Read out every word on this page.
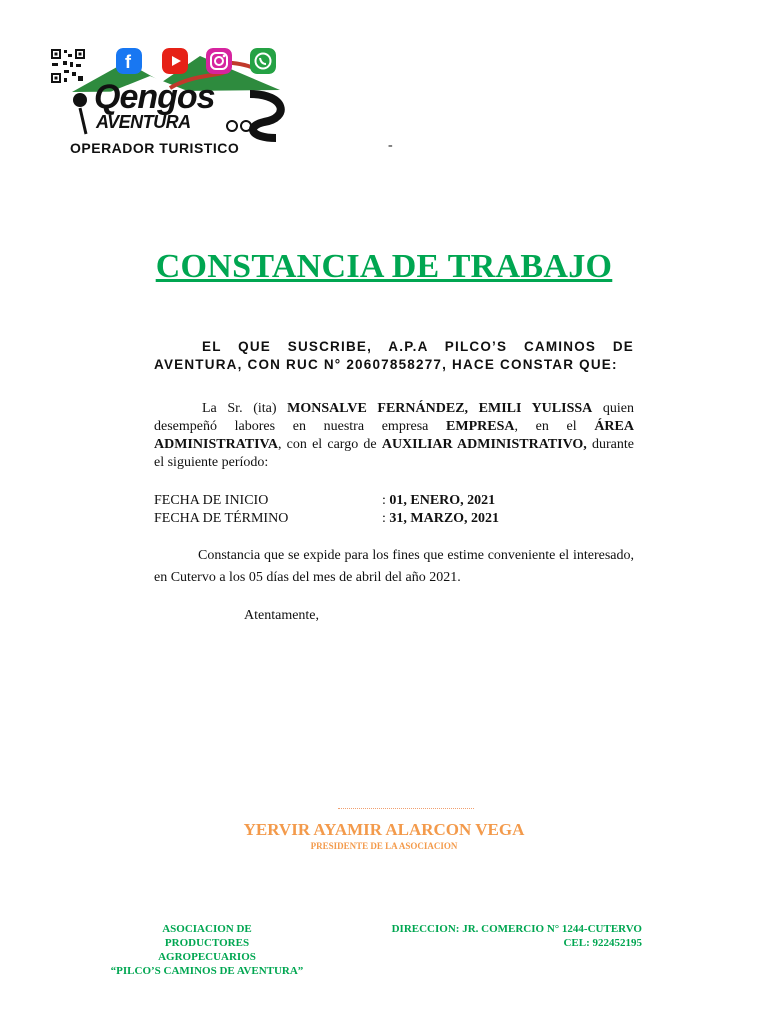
Qengos
AVENTURA
OPERADOR TURISTICO
f
-
CONSTANCIA DE TRABAJO
EL QUE SUSCRIBE, A.P.A PILCO’S CAMINOS DE AVENTURA, CON RUC N° 20607858277, HACE CONSTAR QUE:
La Sr. (ita) MONSALVE FERNÁNDEZ, EMILI YULISSA quien desempeñó labores en nuestra empresa EMPRESA, en el ÁREA ADMINISTRATIVA, con el cargo de AUXILIAR ADMINISTRATIVO, durante el siguiente período:
FECHA DE INICIO	: 01, ENERO, 2021
FECHA DE TÉRMINO	: 31, MARZO, 2021
Constancia que se expide para los fines que estime conveniente el interesado, en Cutervo a los 05 días del mes de abril del año 2021.
Atentamente,
YERVIR AYAMIR ALARCON VEGA
PRESIDENTE DE LA ASOCIACION
ASOCIACION DE
PRODUCTORES
AGROPECUARIOS
“PILCO’S CAMINOS DE AVENTURA”
DIRECCION: JR. COMERCIO N° 1244-CUTERVO
CEL: 922452195
